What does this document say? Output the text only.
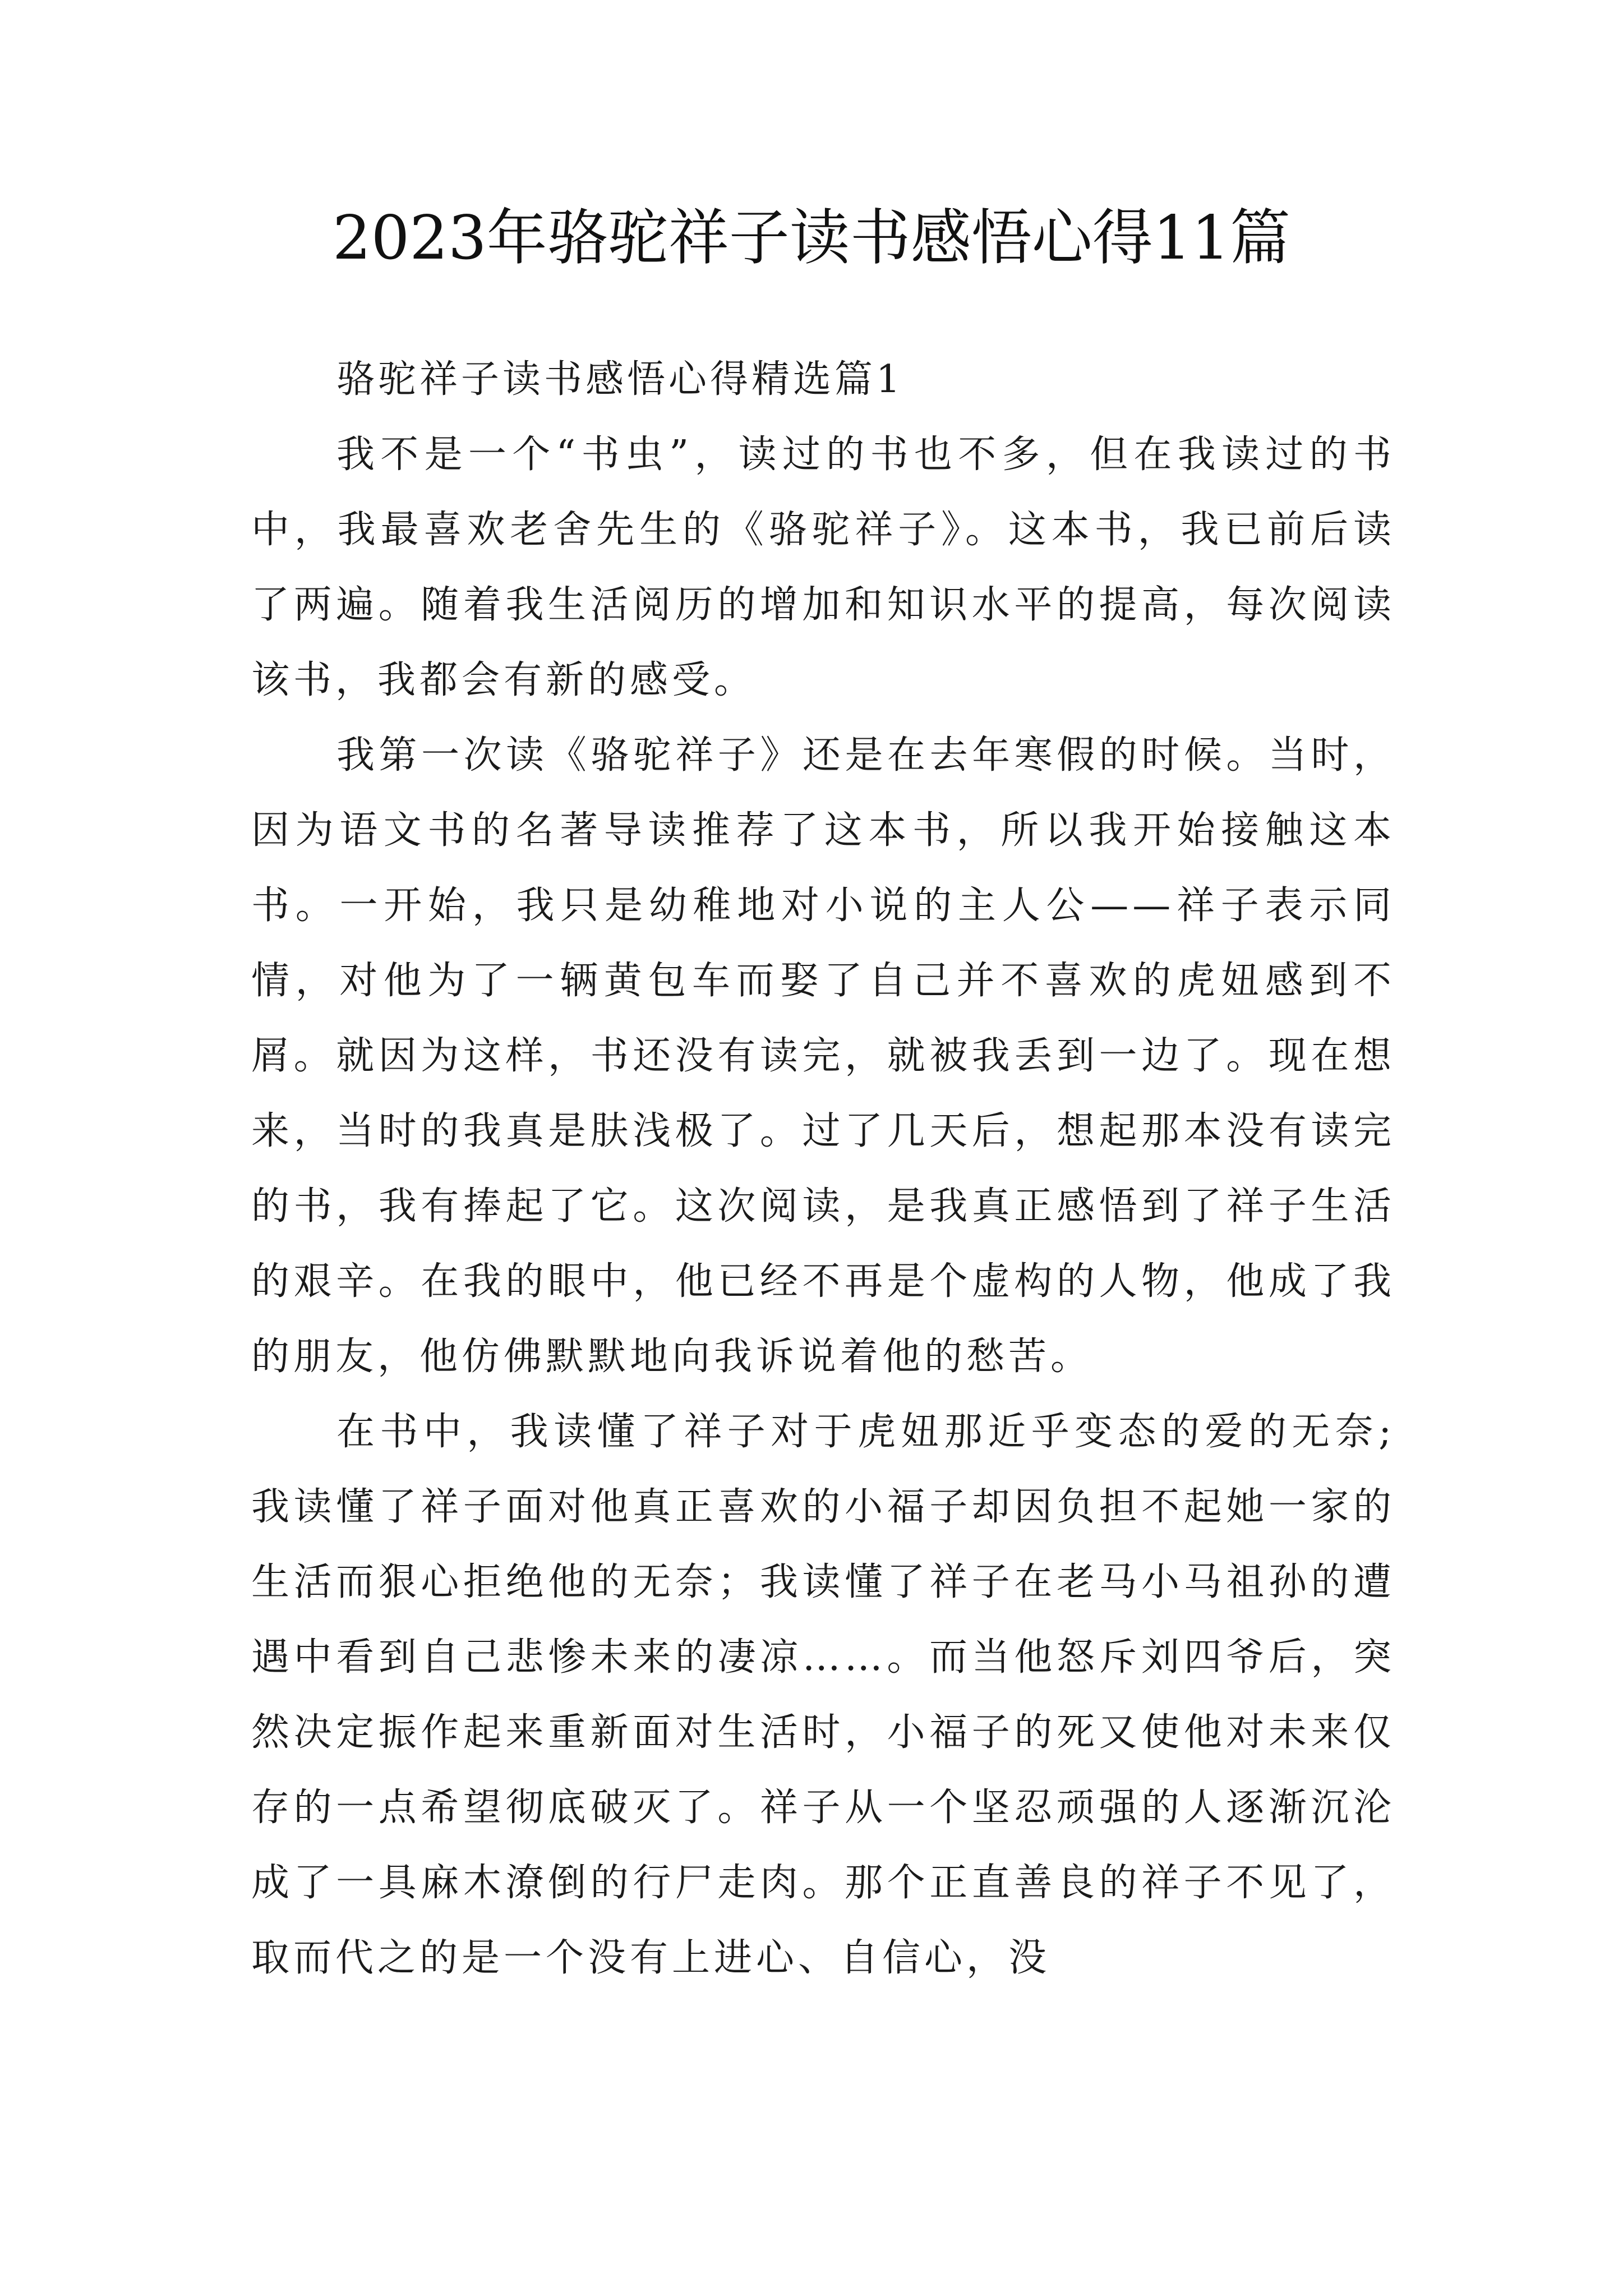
2023年骆驼祥子读书感悟心得11篇
骆驼祥子读书感悟心得精选篇1

我不是一个“书虫”，读过的书也不多，但在我读过的书中，我最喜欢老舍先生的《骆驼祥子》。这本书，我已前后读了两遍。随着我生活阅历的增加和知识水平的提高，每次阅读该书，我都会有新的感受。

我第一次读《骆驼祥子》还是在去年寒假的时候。当时，因为语文书的名著导读推荐了这本书，所以我开始接触这本书。一开始，我只是幼稚地对小说的主人公——祥子表示同情，对他为了一辆黄包车而娶了自己并不喜欢的虎妞感到不屑。就因为这样，书还没有读完，就被我丢到一边了。现在想来，当时的我真是肤浅极了。过了几天后，想起那本没有读完的书，我有捧起了它。这次阅读，是我真正感悟到了祥子生活的艰辛。在我的眼中，他已经不再是个虚构的人物，他成了我的朋友，他仿佛默默地向我诉说着他的愁苦。

在书中，我读懂了祥子对于虎妞那近乎变态的爱的无奈;我读懂了祥子面对他真正喜欢的小福子却因负担不起她一家的生活而狠心拒绝他的无奈；我读懂了祥子在老马小马祖孙的遭遇中看到自己悲惨未来的凄凉……。而当他怒斥刘四爷后，突然决定振作起来重新面对生活时，小福子的死又使他对未来仅存的一点希望彻底破灭了。祥子从一个坚忍顽强的人逐渐沉沦成了一具麻木潦倒的行尸走肉。那个正直善良的祥子不见了，取而代之的是一个没有上进心、自信心，没
